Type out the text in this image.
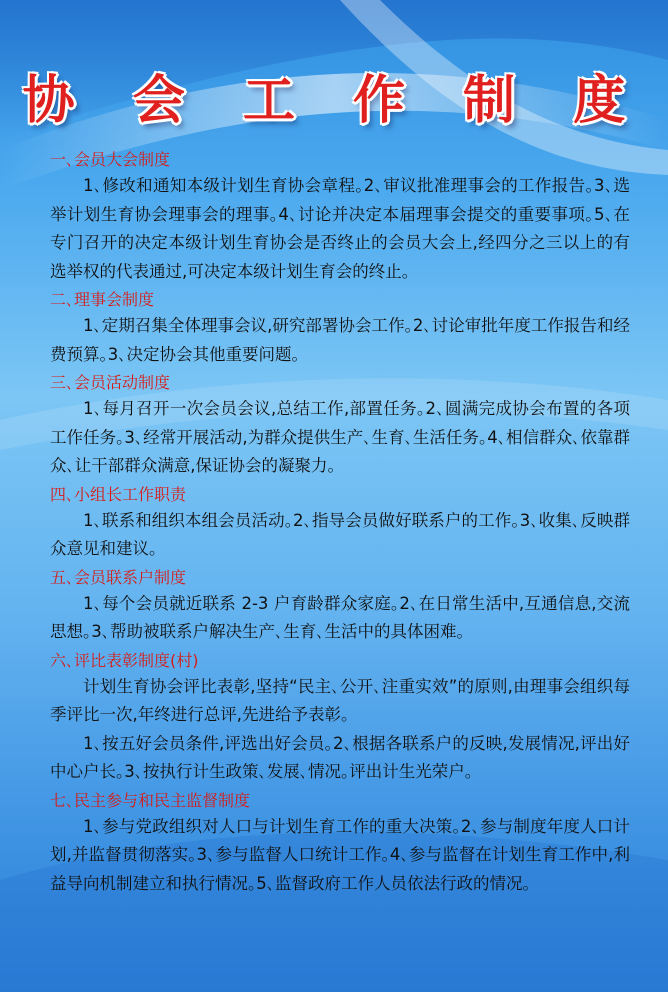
协 会 工 作 制 度
一､会员大会制度

1､修改和通知本级计划生育协会章程｡2､审议批准理事会的工作报告｡3､选举计划生育协会理事会的理事｡4､讨论并决定本届理事会提交的重要事项｡5､在专门召开的决定本级计划生育协会是否终止的会员大会上,经四分之三以上的有选举权的代表通过,可决定本级计划生育会的终止｡

二､理事会制度

1､定期召集全体理事会议,研究部署协会工作｡2､讨论审批年度工作报告和经费预算｡3､决定协会其他重要问题｡

三､会员活动制度

1､每月召开一次会员会议,总结工作,部置任务｡2､圆满完成协会布置的各项工作任务｡3､经常开展活动,为群众提供生产､生育､生活任务｡4､相信群众､依靠群众､让干部群众满意,保证协会的凝聚力｡

四､小组长工作职责

1､联系和组织本组会员活动｡2､指导会员做好联系户的工作｡3､收集､反映群众意见和建议｡

五､会员联系户制度

1､每个会员就近联系 2-3 户育龄群众家庭｡2､在日常生活中,互通信息,交流思想｡3､帮助被联系户解决生产､生育､生活中的具体困难｡

六､评比表彰制度(村)

计划生育协会评比表彰,坚持“民主､公开､注重实效”的原则,由理事会组织每季评比一次,年终进行总评,先进给予表彰｡

1､按五好会员条件,评选出好会员｡2､根据各联系户的反映,发展情况,评出好中心户长｡3､按执行计生政策､发展､情况｡评出计生光荣户｡

七､民主参与和民主监督制度

1､参与党政组织对人口与计划生育工作的重大决策｡2､参与制度年度人口计划,并监督贯彻落实｡3､参与监督人口统计工作｡4､参与监督在计划生育工作中,利益导向机制建立和执行情况｡5､监督政府工作人员依法行政的情况｡
